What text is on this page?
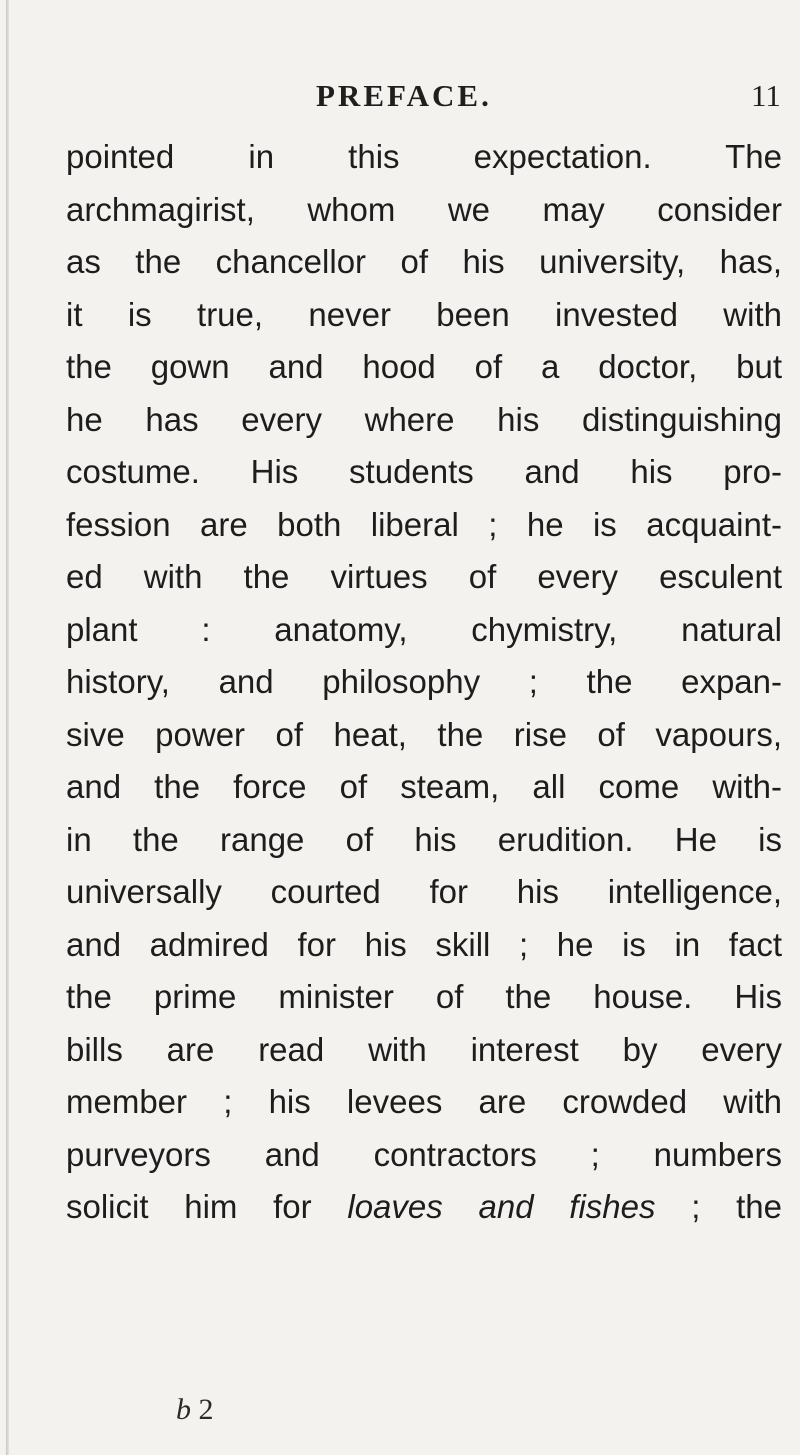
PREFACE.	11
pointed in this expectation. The
archmagirist, whom we may consider
as the chancellor of his university, has,
it is true, never been invested with
the gown and hood of a doctor, but
he has every where his distinguishing
costume. His students and his pro-
fession are both liberal ; he is acquaint-
ed with the virtues of every esculent
plant : anatomy, chymistry, natural
history, and philosophy ; the expan-
sive power of heat, the rise of vapours,
and the force of steam, all come with-
in the range of his erudition. He is
universally courted for his intelligence,
and admired for his skill ; he is in fact
the prime minister of the house. His
bills are read with interest by every
member ; his levees are crowded with
purveyors and contractors ; numbers
solicit him for loaves and fishes ; the
b 2
